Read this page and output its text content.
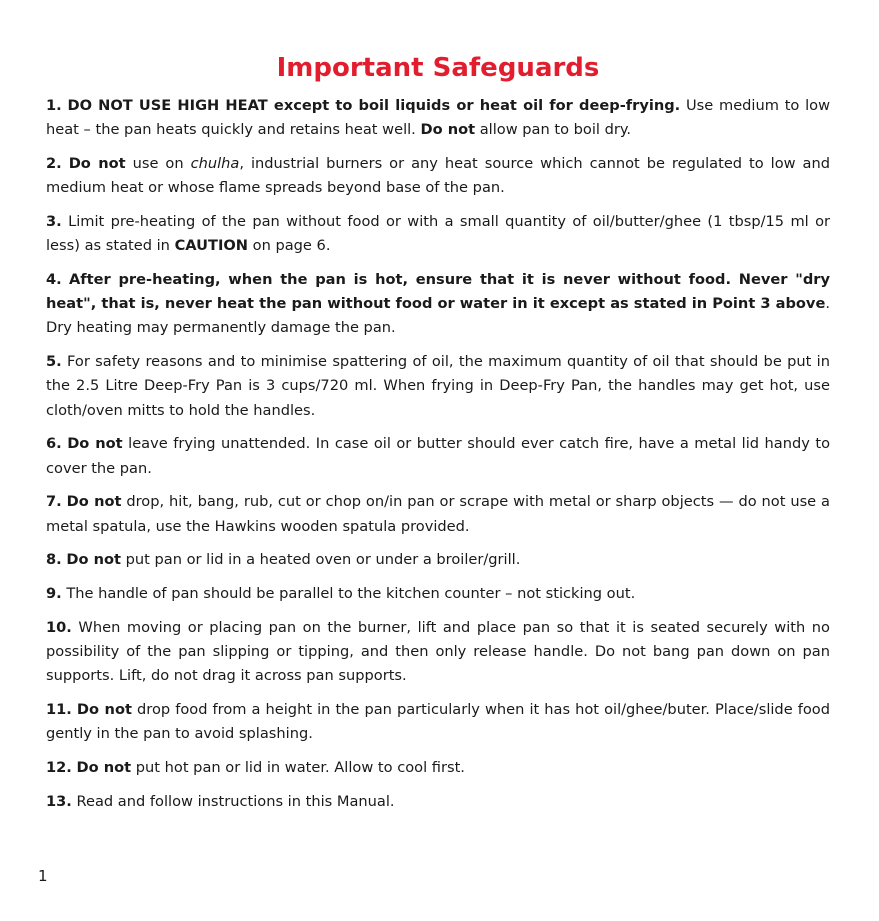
Important Safeguards
1. DO NOT USE HIGH HEAT except to boil liquids or heat oil for deep-frying. Use medium to low heat – the pan heats quickly and retains heat well. Do not allow pan to boil dry.
2. Do not use on chulha, industrial burners or any heat source which cannot be regulated to low and medium heat or whose flame spreads beyond base of the pan.
3. Limit pre-heating of the pan without food or with a small quantity of oil/butter/ghee (1 tbsp/15 ml or less) as stated in CAUTION on page 6.
4. After pre-heating, when the pan is hot, ensure that it is never without food. Never "dry heat", that is, never heat the pan without food or water in it except as stated in Point 3 above. Dry heating may permanently damage the pan.
5. For safety reasons and to minimise spattering of oil, the maximum quantity of oil that should be put in the 2.5 Litre Deep-Fry Pan is 3 cups/720 ml. When frying in Deep-Fry Pan, the handles may get hot, use cloth/oven mitts to hold the handles.
6. Do not leave frying unattended. In case oil or butter should ever catch fire, have a metal lid handy to cover the pan.
7. Do not drop, hit, bang, rub, cut or chop on/in pan or scrape with metal or sharp objects — do not use a metal spatula, use the Hawkins wooden spatula provided.
8. Do not put pan or lid in a heated oven or under a broiler/grill.
9. The handle of pan should be parallel to the kitchen counter – not sticking out.
10. When moving or placing pan on the burner, lift and place pan so that it is seated securely with no possibility of the pan slipping or tipping, and then only release handle. Do not bang pan down on pan supports. Lift, do not drag it across pan supports.
11. Do not drop food from a height in the pan particularly when it has hot oil/ghee/buter. Place/slide food gently in the pan to avoid splashing.
12. Do not put hot pan or lid in water. Allow to cool first.
13. Read and follow instructions in this Manual.
1
